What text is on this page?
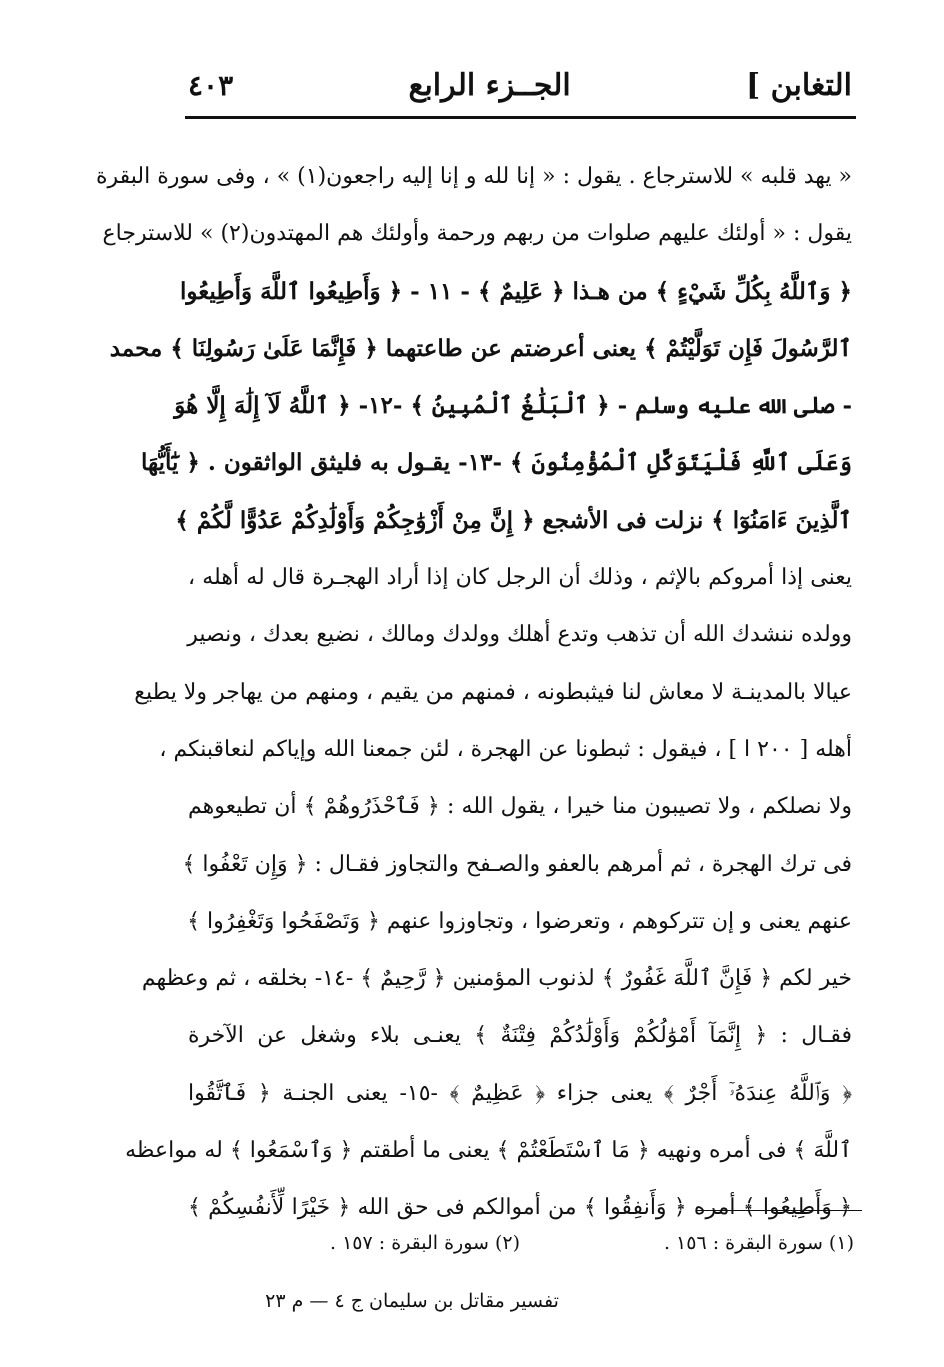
التغابن ]
الجــزء الرابع
٤٠٣
« يهد قلبه » للاسترجاع . يقول : « إنا لله و إنا إليه راجعون(١) » ، وفى سورة البقرة
يقول : « أولئك عليهم صلوات من ربهم ورحمة وأولئك هم المهتدون(٢) » للاسترجاع
﴿ وَٱللَّهُ بِكُلِّ شَيْءٍ ﴾ من هـذا ﴿ عَلِيمٌ ﴾ - ١١ - ﴿ وَأَطِيعُوا ٱللَّهَ وَأَطِيعُوا
ٱلرَّسُولَ فَإِن تَوَلَّيْتُمْ ﴾ يعنى أعرضتم عن طاعتهما ﴿ فَإِنَّمَا عَلَىٰ رَسُولِنَا ﴾ محمد
- صلى الله عليه وسلم - ﴿ ٱلْبَلَٰغُ ٱلْمُبِينُ ﴾ -١٢- ﴿ ٱللَّهُ لَآ إِلَٰهَ إِلَّا هُوَ
وَعَلَى ٱللَّهِ فَلْيَتَوَكَّلِ ٱلْمُؤْمِنُونَ ﴾ -١٣- يقـول به فليثق الواثقون . ﴿ يَٰٓأَيُّهَا
ٱلَّذِينَ ءَامَنُوٓا ﴾ نزلت فى الأشجع ﴿ إِنَّ مِنْ أَزْوَٰجِكُمْ وَأَوْلَٰدِكُمْ عَدُوًّا لَّكُمْ ﴾
يعنى إذا أمروكم بالإثم ، وذلك أن الرجل كان إذا أراد الهجـرة قال له أهله ،
وولده ننشدك الله أن تذهب وتدع أهلك وولدك ومالك ، نضيع بعدك ، ونصير
عيالا بالمدينـة لا معاش لنا فيثبطونه ، فمنهم من يقيم ، ومنهم من يهاجر ولا يطيع
أهله [ ٢٠٠ ا ] ، فيقول : ثبطونا عن الهجرة ، لئن جمعنا الله وإياكم لنعاقبنكم ،
ولا نصلكم ، ولا تصيبون منا خيرا ، يقول الله : ﴿ فَٱحْذَرُوهُمْ ﴾ أن تطيعوهم
فى ترك الهجرة ، ثم أمرهم بالعفو والصـفح والتجاوز فقـال : ﴿ وَإِن تَعْفُوا ﴾
عنهم يعنى و إن تتركوهم ، وتعرضوا ، وتجاوزوا عنهم ﴿ وَتَصْفَحُوا وَتَغْفِرُوا ﴾
خير لكم ﴿ فَإِنَّ ٱللَّهَ غَفُورٌ ﴾ لذنوب المؤمنين ﴿ رَّحِيمٌ ﴾ -١٤- بخلقه ، ثم وعظهم
فقـال : ﴿ إِنَّمَآ أَمْوَٰلُكُمْ وَأَوْلَٰدُكُمْ فِتْنَةٌ ﴾ يعنـى بلاء وشغل عن الآخرة
﴿ وَٱللَّهُ عِندَهُۥٓ أَجْرٌ ﴾ يعنى جزاء ﴿ عَظِيمٌ ﴾ -١٥- يعنى الجنـة ﴿ فَٱتَّقُوا
ٱللَّهَ ﴾ فى أمره ونهيه ﴿ مَا ٱسْتَطَعْتُمْ ﴾ يعنى ما أطقتم ﴿ وَٱسْمَعُوا ﴾ له مواعظه
﴿ وَأَطِيعُوا ﴾ أمره ﴿ وَأَنفِقُوا ﴾ من أموالكم فى حق الله ﴿ خَيْرًا لِّأَنفُسِكُمْ ﴾
(١) سورة البقرة : ١٥٦ .
(٢) سورة البقرة : ١٥٧ .
تفسير مقاتل بن سليمان ج ٤ — م ٢٣
